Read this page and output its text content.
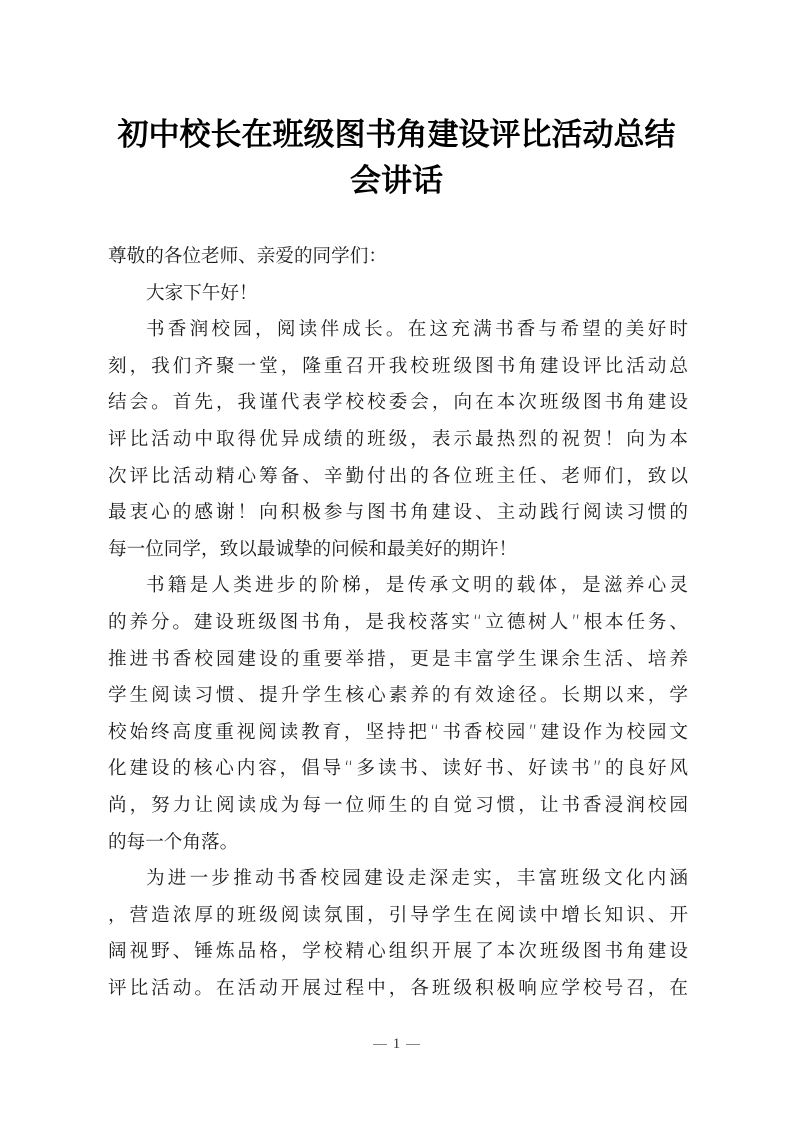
初中校长在班级图书角建设评比活动总结
会讲话
尊敬的各位老师、亲爱的同学们：
大家下午好！
书香润校园，阅读伴成长。在这充满书香与希望的美好时
刻，我们齐聚一堂，隆重召开我校班级图书角建设评比活动总
结会。首先，我谨代表学校校委会，向在本次班级图书角建设
评比活动中取得优异成绩的班级，表示最热烈的祝贺！向为本
次评比活动精心筹备、辛勤付出的各位班主任、老师们，致以
最衷心的感谢！向积极参与图书角建设、主动践行阅读习惯的
每一位同学，致以最诚挚的问候和最美好的期许！
书籍是人类进步的阶梯，是传承文明的载体，是滋养心灵
的养分。建设班级图书角，是我校落实“立德树人”根本任务、
推进书香校园建设的重要举措，更是丰富学生课余生活、培养
学生阅读习惯、提升学生核心素养的有效途径。长期以来，学
校始终高度重视阅读教育，坚持把“书香校园”建设作为校园文
化建设的核心内容，倡导“多读书、读好书、好读书”的良好风
尚，努力让阅读成为每一位师生的自觉习惯，让书香浸润校园
的每一个角落。
为进一步推动书香校园建设走深走实，丰富班级文化内涵
，营造浓厚的班级阅读氛围，引导学生在阅读中增长知识、开
阔视野、锤炼品格，学校精心组织开展了本次班级图书角建设
评比活动。在活动开展过程中，各班级积极响应学校号召，在
1
